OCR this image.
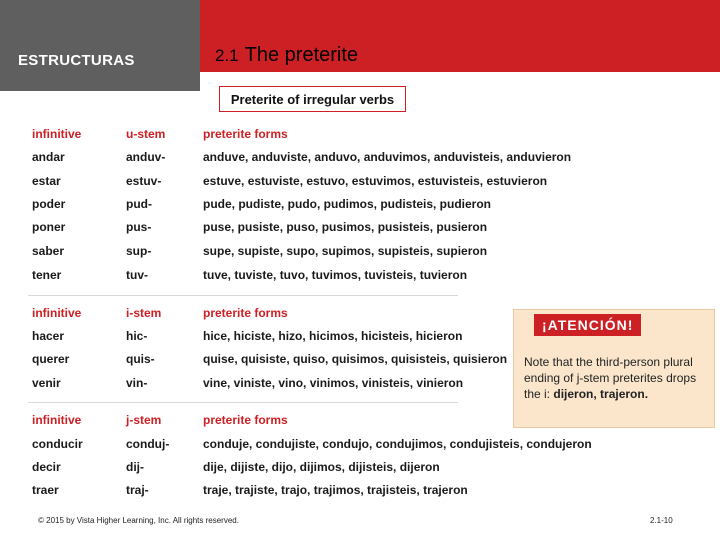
ESTRUCTURAS	2.1 The preterite
Preterite of irregular verbs
infinitive	u-stem	preterite forms
andar	anduv-	anduve, anduviste, anduvo, anduvimos, anduvisteis, anduvieron
estar	estuv-	estuve, estuviste, estuvo, estuvimos, estuvisteis, estuvieron
poder	pud-	pude, pudiste, pudo, pudimos, pudisteis, pudieron
poner	pus-	puse, pusiste, puso, pusimos, pusisteis, pusieron
saber	sup-	supe, supiste, supo, supimos, supisteis, supieron
tener	tuv-	tuve, tuviste, tuvo, tuvimos, tuvisteis, tuvieron
infinitive	i-stem	preterite forms
hacer	hic-	hice, hiciste, hizo, hicimos, hicisteis, hicieron
querer	quis-	quise, quisiste, quiso, quisimos, quisisteis, quisieron
venir	vin-	vine, viniste, vino, vinimos, vinisteis, vinieron
infinitive	j-stem	preterite forms
conducir	conduj-	conduje, condujiste, condujo, condujimos, condujisteis, condujeron
decir	dij-	dije, dijiste, dijo, dijimos, dijisteis, dijeron
traer	traj-	traje, trajiste, trajo, trajimos, trajisteis, trajeron
¡ATENCIÓN!
Note that the third-person plural ending of j-stem preterites drops the i: dijeron, trajeron.
© 2015 by Vista Higher Learning, Inc. All rights reserved.	2.1-10
